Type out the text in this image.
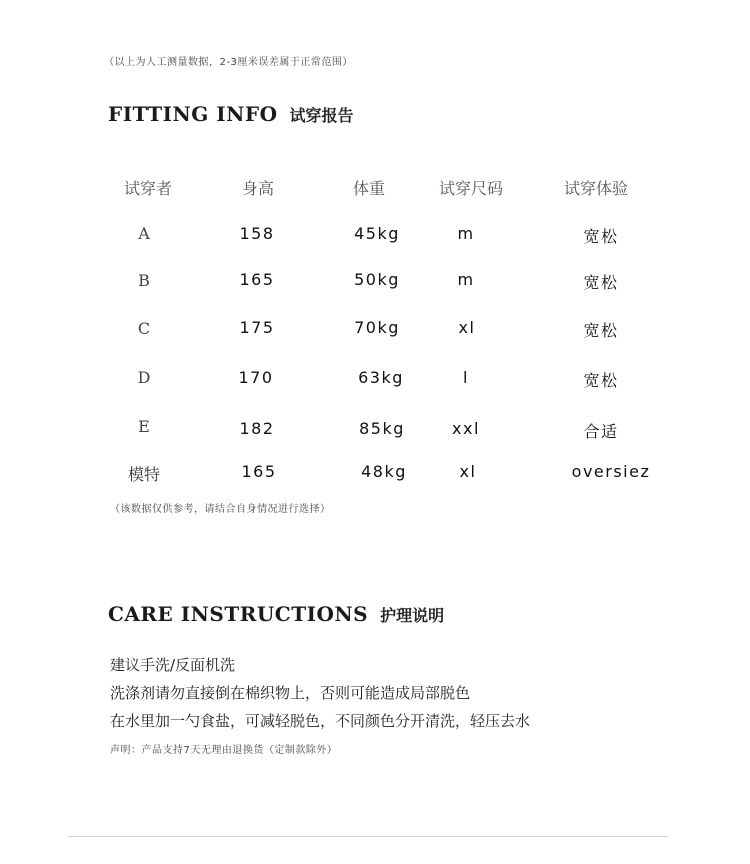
（以上为人工测量数据，2-3厘米误差属于正常范围）
FITTING INFO 试穿报告
试穿者	身高	体重	试穿尺码	试穿体验
A	158	45kg	m	宽松
B	165	50kg	m	宽松
C	175	70kg	xl	宽松
D	170	63kg	l	宽松
E	182	85kg	xxl	合适
模特	165	48kg	xl	oversiez
（该数据仅供参考，请结合自身情况进行选择）
CARE INSTRUCTIONS 护理说明
建议手洗/反面机洗
洗涤剂请勿直接倒在棉织物上，否则可能造成局部脱色
在水里加一勺食盐，可减轻脱色，不同颜色分开清洗，轻压去水
声明：产品支持7天无理由退换货（定制款除外）
